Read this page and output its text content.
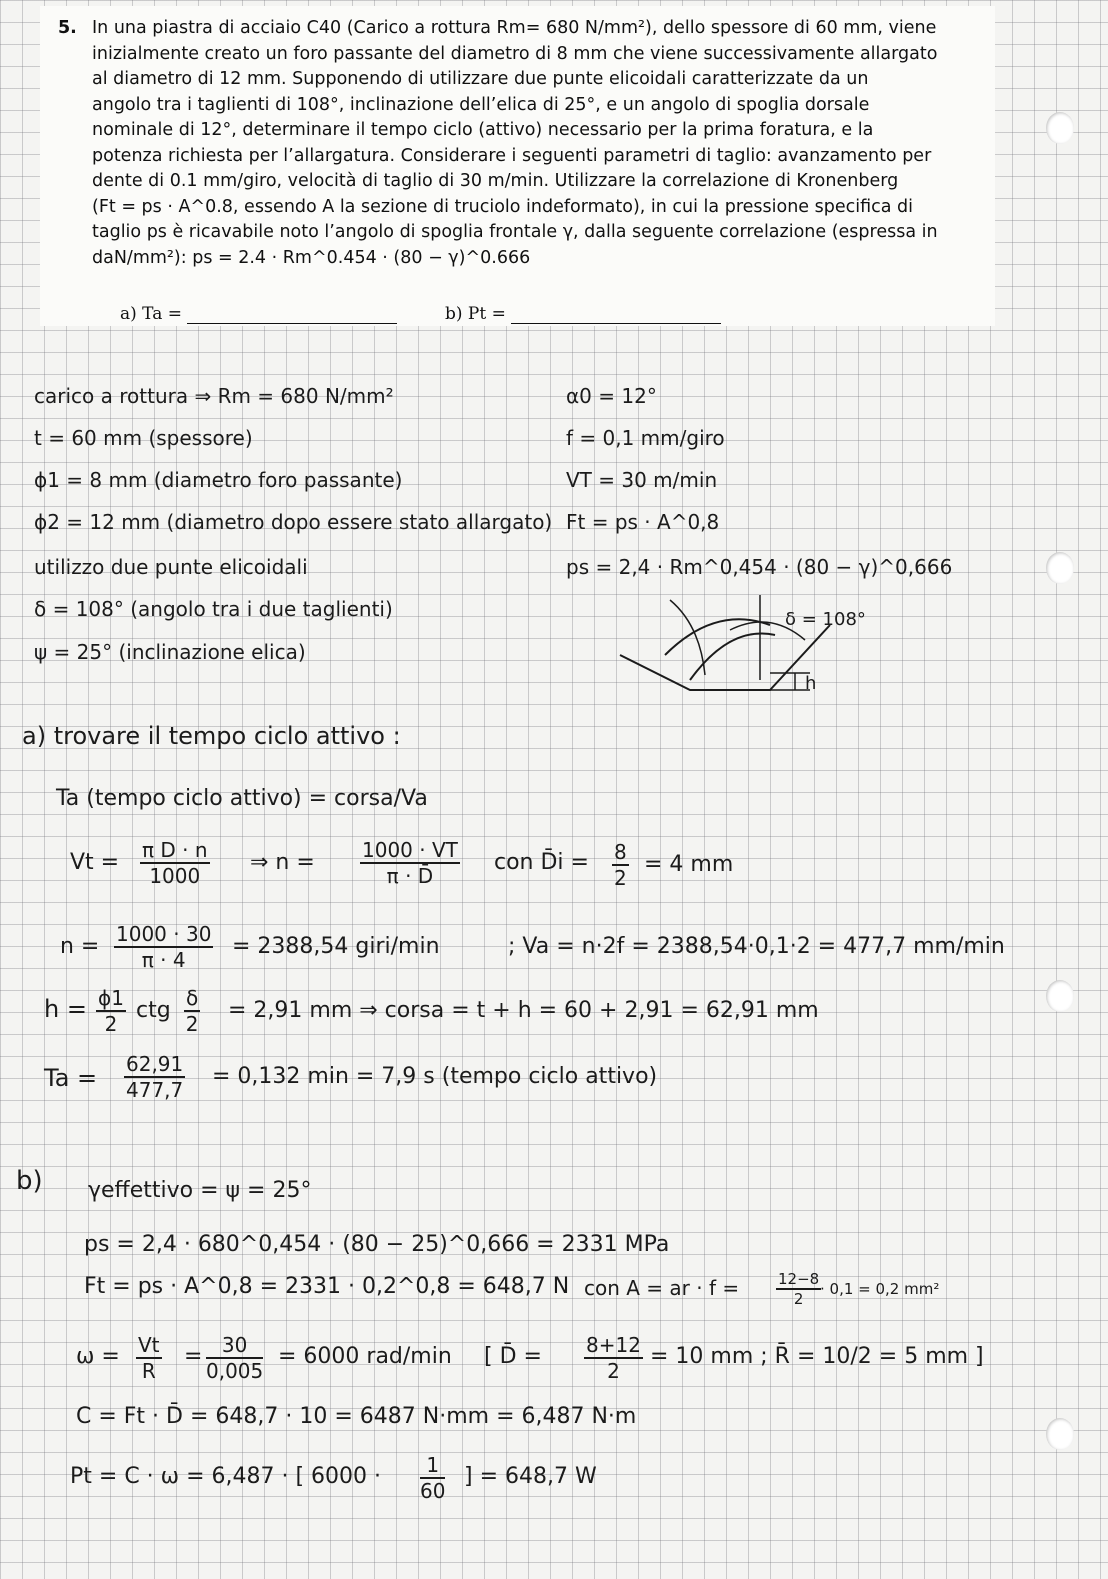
5. In una piastra di acciaio C40 (Carico a rottura Rm= 680 N/mm²), dello spessore di 60 mm, viene
inizialmente creato un foro passante del diametro di 8 mm che viene successivamente allargato
al diametro di 12 mm. Supponendo di utilizzare due punte elicoidali caratterizzate da un
angolo tra i taglienti di 108°, inclinazione dell’elica di 25°, e un angolo di spoglia dorsale
nominale di 12°, determinare il tempo ciclo (attivo) necessario per la prima foratura, e la
potenza richiesta per l’allargatura. Considerare i seguenti parametri di taglio: avanzamento per
dente di 0.1 mm/giro, velocità di taglio di 30 m/min. Utilizzare la correlazione di Kronenberg
(Ft = ps · A^0.8, essendo A la sezione di truciolo indeformato), in cui la pressione specifica di
taglio ps è ricavabile noto l’angolo di spoglia frontale γ, dalla seguente correlazione (espressa in
daN/mm²): ps = 2.4 · Rm^0.454 · (80 − γ)^0.666
a) Ta =	b) Pt =
carico a rottura ⇒ Rm = 680 N/mm²
t = 60 mm (spessore)
ϕ1 = 8 mm (diametro foro passante)
ϕ2 = 12 mm (diametro dopo essere stato allargato)
utilizzo due punte elicoidali
δ = 108° (angolo tra i due taglienti)
ψ = 25° (inclinazione elica)
α0 = 12°
f = 0,1 mm/giro
VT = 30 m/min
Ft = ps · A^0,8
ps = 2,4 · Rm^0,454 · (80 − γ)^0,666
δ = 108°
h
a) trovare il tempo ciclo attivo :
Ta (tempo ciclo attivo) = corsa/Va
$Vt = \frac{\text{π D · n}}{1000}$ ⇒ $n = \frac{1000 \cdot VT}{\pi \cdot D̄}$ con D̄i = $\frac{8}{2} = 4$ mm
$n = \frac{1000 \cdot 30}{\pi \cdot 4} = 2388,54$ giri/min	; Va = n·2f = 2388,54·0,1·2 = 477,7 mm/min
$h = \frac{\phi 1}{2}$ ctg $\frac{\delta}{2} = 2,91$ mm ⇒ corsa = t + h = 60 + 2,91 = 62,91 mm
$Ta = \frac{62,91}{477,7} = 0,132$ min = 7,9 s (tempo ciclo attivo)
b) γeffettivo = ψ = 25°
ps = 2,4 · 680^0,454 · (80 − 25)^0,666 = 2331 MPa
Ft = ps · A^0,8 = 2331 · 0,2^0,8 = 648,7 N con A = ar · $f = \frac{12-8}{2}$
· 0,1 = 0,2 mm²
$\omega = \frac{Vt}{R} = \frac{30}{0,005} = 6000$ rad/min [ D̄ = $\frac{8+12}{2} = 10$ mm ; R̄ = 10/2 = 5 mm ]
C = Ft · D̄ = 648,7 · 10 = 6487 N·mm = 6,487 N·m
Pt = C · ω = 6,487 · [ $6000 \cdot \frac{1}{60}$ ] = 648,7 W
